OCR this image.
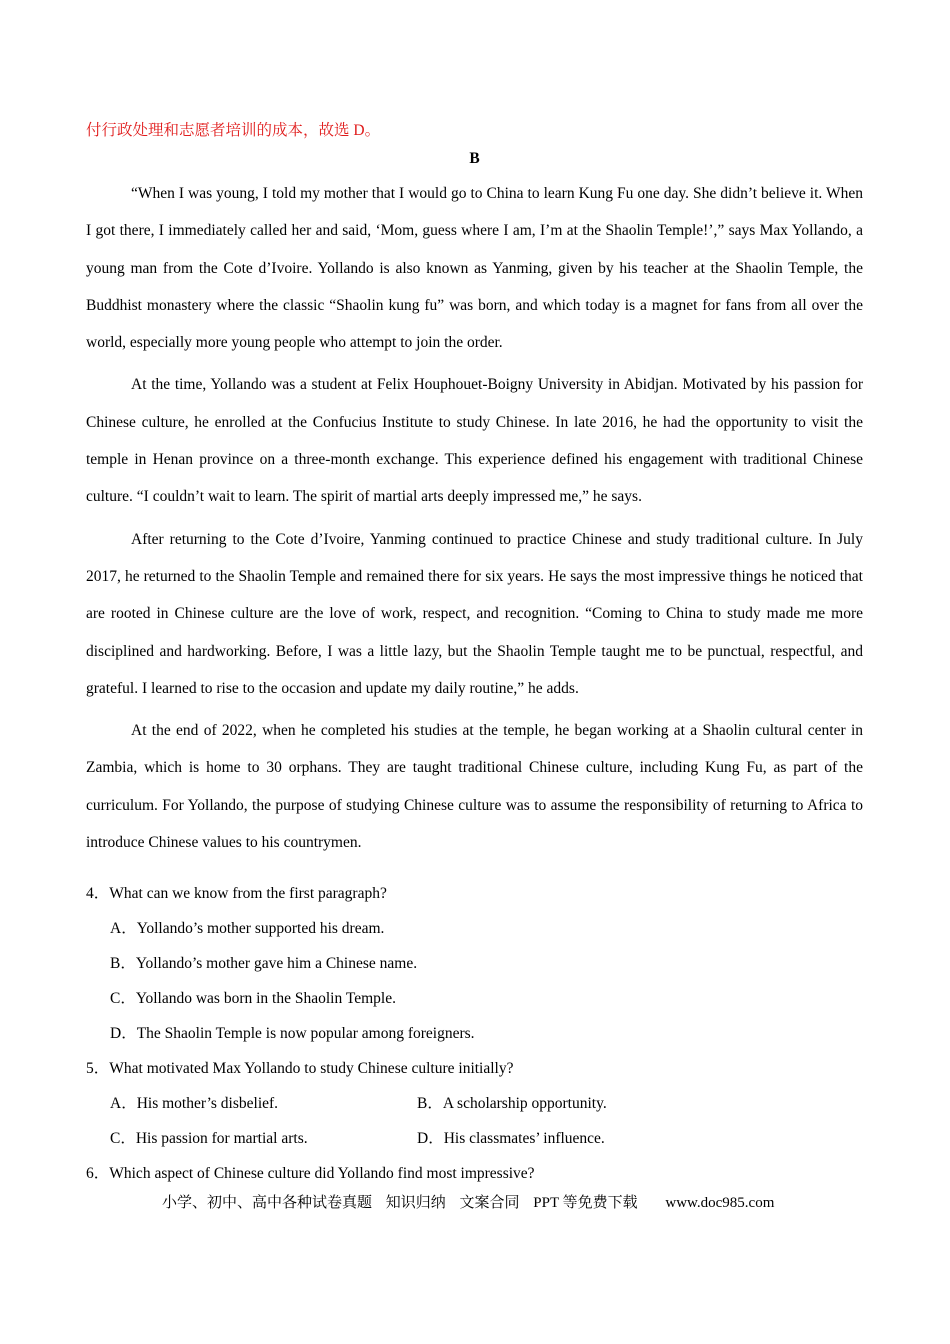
付行政处理和志愿者培训的成本，故选 D。
B

“When I was young, I told my mother that I would go to China to learn Kung Fu one day. She didn’t believe it. When I got there, I immediately called her and said, ‘Mom, guess where I am, I’m at the Shaolin Temple!’,” says Max Yollando, a young man from the Cote d’Ivoire. Yollando is also known as Yanming, given by his teacher at the Shaolin Temple, the Buddhist monastery where the classic “Shaolin kung fu” was born, and which today is a magnet for fans from all over the world, especially more young people who attempt to join the order.

At the time, Yollando was a student at Felix Houphouet-Boigny University in Abidjan. Motivated by his passion for Chinese culture, he enrolled at the Confucius Institute to study Chinese. In late 2016, he had the opportunity to visit the temple in Henan province on a three-month exchange. This experience defined his engagement with traditional Chinese culture. “I couldn’t wait to learn. The spirit of martial arts deeply impressed me,” he says.

After returning to the Cote d’Ivoire, Yanming continued to practice Chinese and study traditional culture. In July 2017, he returned to the Shaolin Temple and remained there for six years. He says the most impressive things he noticed that are rooted in Chinese culture are the love of work, respect, and recognition. “Coming to China to study made me more disciplined and hardworking. Before, I was a little lazy, but the Shaolin Temple taught me to be punctual, respectful, and grateful. I learned to rise to the occasion and update my daily routine,” he adds.

At the end of 2022, when he completed his studies at the temple, he began working at a Shaolin cultural center in Zambia, which is home to 30 orphans. They are taught traditional Chinese culture, including Kung Fu, as part of the curriculum. For Yollando, the purpose of studying Chinese culture was to assume the responsibility of returning to Africa to introduce Chinese values to his countrymen.

4．What can we know from the first paragraph?
A．Yollando’s mother supported his dream.
B．Yollando’s mother gave him a Chinese name.
C．Yollando was born in the Shaolin Temple.
D．The Shaolin Temple is now popular among foreigners.
5．What motivated Max Yollando to study Chinese culture initially?
A．His mother’s disbelief.	B．A scholarship opportunity.
C．His passion for martial arts.	D．His classmates’ influence.
6．Which aspect of Chinese culture did Yollando find most impressive?
小学、初中、高中各种试卷真题 知识归纳 文案合同 PPT 等免费下载 www.doc985.com
